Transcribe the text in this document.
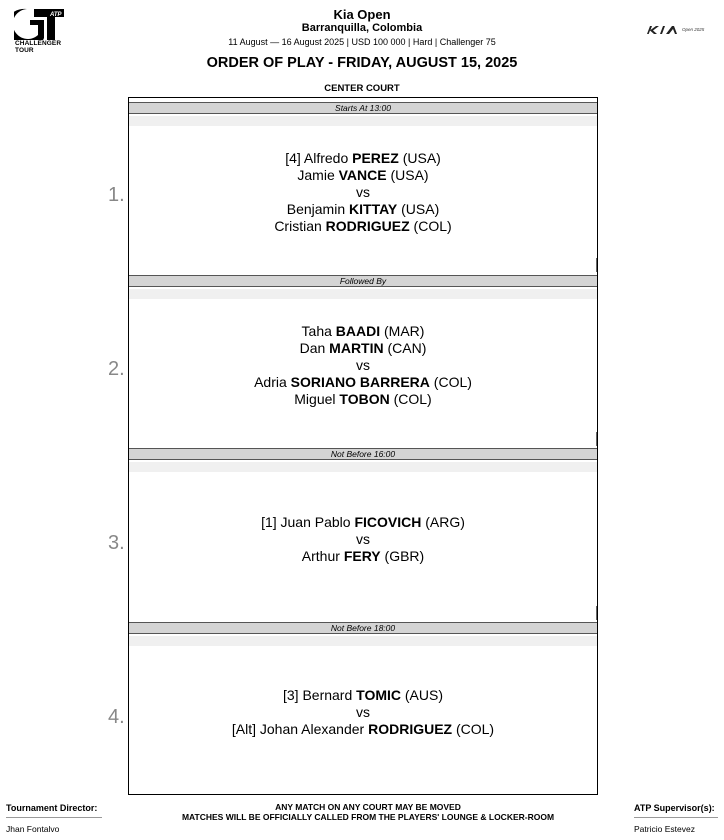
ATP
CHALLENGER
TOUR
Open 2025
Kia Open
Barranquilla, Colombia
11 August — 16 August 2025 | USD 100 000 | Hard | Challenger 75
ORDER OF PLAY - FRIDAY, AUGUST 15, 2025
CENTER COURT
Starts At 13:00
[4] Alfredo PEREZ (USA)
Jamie VANCE (USA)
vs
Benjamin KITTAY (USA)
Cristian RODRIGUEZ (COL)
Followed By
Taha BAADI (MAR)
Dan MARTIN (CAN)
vs
Adria SORIANO BARRERA (COL)
Miguel TOBON (COL)
Not Before 16:00
[1] Juan Pablo FICOVICH (ARG)
vs
Arthur FERY (GBR)
Not Before 18:00
[3] Bernard TOMIC (AUS)
vs
[Alt] Johan Alexander RODRIGUEZ (COL)
1.
2.
3.
4.
Tournament Director:
Jhan Fontalvo
ANY MATCH ON ANY COURT MAY BE MOVED
MATCHES WILL BE OFFICIALLY CALLED FROM THE PLAYERS' LOUNGE & LOCKER-ROOM
ATP Supervisor(s):
Patricio Estevez
